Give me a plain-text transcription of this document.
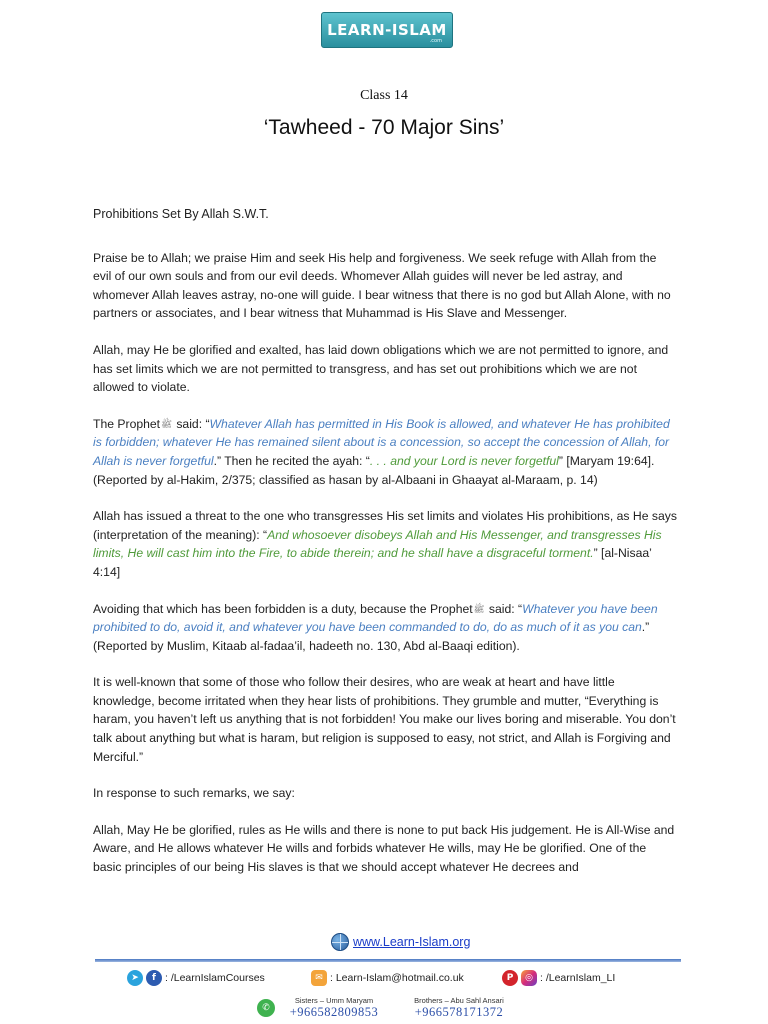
LEARN-ISLAM
.com
Class 14
‘Tawheed - 70 Major Sins’
Prohibitions Set By Allah S.W.T.

Praise be to Allah; we praise Him and seek His help and forgiveness. We seek refuge with Allah from the evil of our own souls and from our evil deeds. Whomever Allah guides will never be led astray, and whomever Allah leaves astray, no-one will guide. I bear witness that there is no god but Allah Alone, with no partners or associates, and I bear witness that Muhammad is His Slave and Messenger.

Allah, may He be glorified and exalted, has laid down obligations which we are not permitted to ignore, and has set limits which we are not permitted to transgress, and has set out prohibitions which we are not allowed to violate.

The Prophetﷺ said: “Whatever Allah has permitted in His Book is allowed, and whatever He has prohibited is forbidden; whatever He has remained silent about is a concession, so accept the concession of Allah, for Allah is never forgetful.” Then he recited the ayah: “. . . and your Lord is never forgetful” [Maryam 19:64]. (Reported by al-Hakim, 2/375; classified as hasan by al-Albaani in Ghaayat al-Maraam, p. 14)

Allah has issued a threat to the one who transgresses His set limits and violates His prohibitions, as He says (interpretation of the meaning): “And whosoever disobeys Allah and His Messenger, and transgresses His limits, He will cast him into the Fire, to abide therein; and he shall have a disgraceful torment.” [al-Nisaa’ 4:14]

Avoiding that which has been forbidden is a duty, because the Prophetﷺ said: “Whatever you have been prohibited to do, avoid it, and whatever you have been commanded to do, do as much of it as you can.” (Reported by Muslim, Kitaab al-fadaa’il, hadeeth no. 130, Abd al-Baaqi edition).

It is well-known that some of those who follow their desires, who are weak at heart and have little knowledge, become irritated when they hear lists of prohibitions. They grumble and mutter, “Everything is haram, you haven’t left us anything that is not forbidden! You make our lives boring and miserable. You don’t talk about anything but what is haram, but religion is supposed to easy, not strict, and Allah is Forgiving and Merciful.”

In response to such remarks, we say:

Allah, May He be glorified, rules as He wills and there is none to put back His judgement. He is All-Wise and Aware, and He allows whatever He wills and forbids whatever He wills, may He be glorified. One of the basic principles of our being His slaves is that we should accept whatever He decrees and

www.Learn-Islam.org
➤	f : /LearnIslamCourses	✉ : Learn-Islam@hotmail.co.uk	P	◎ : /LearnIslam_LI
✆
Sisters – Umm Maryam
+966582809853
Brothers – Abu Sahl Ansari
+966578171372
